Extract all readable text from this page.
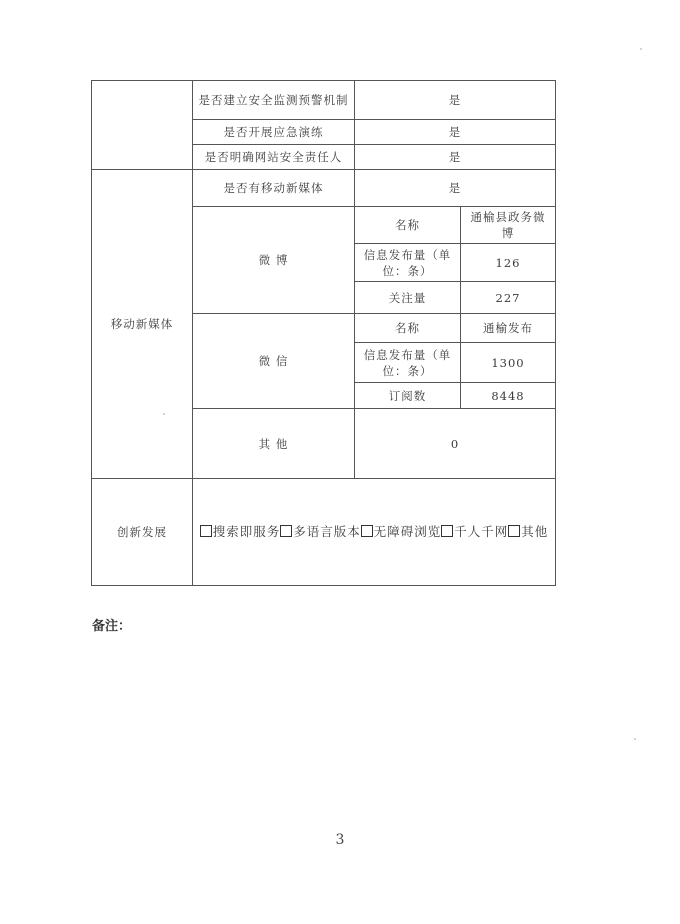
	是否建立安全监测预警机制	是	
	是否开展应急演练	是	
	是否明确网站安全责任人	是	
移动新媒体	是否有移动新媒体	是	
	微 博	名称	通榆县政务微博
		信息发布量（单位：条）	126
		关注量	227
	微 信	名称	通榆发布
		信息发布量（单位：条）	1300
		订阅数	8448
	其 他	0	
创新发展	搜索即服务 多语言版本 无障碍浏览 千人千网 其他		
备注：
3
